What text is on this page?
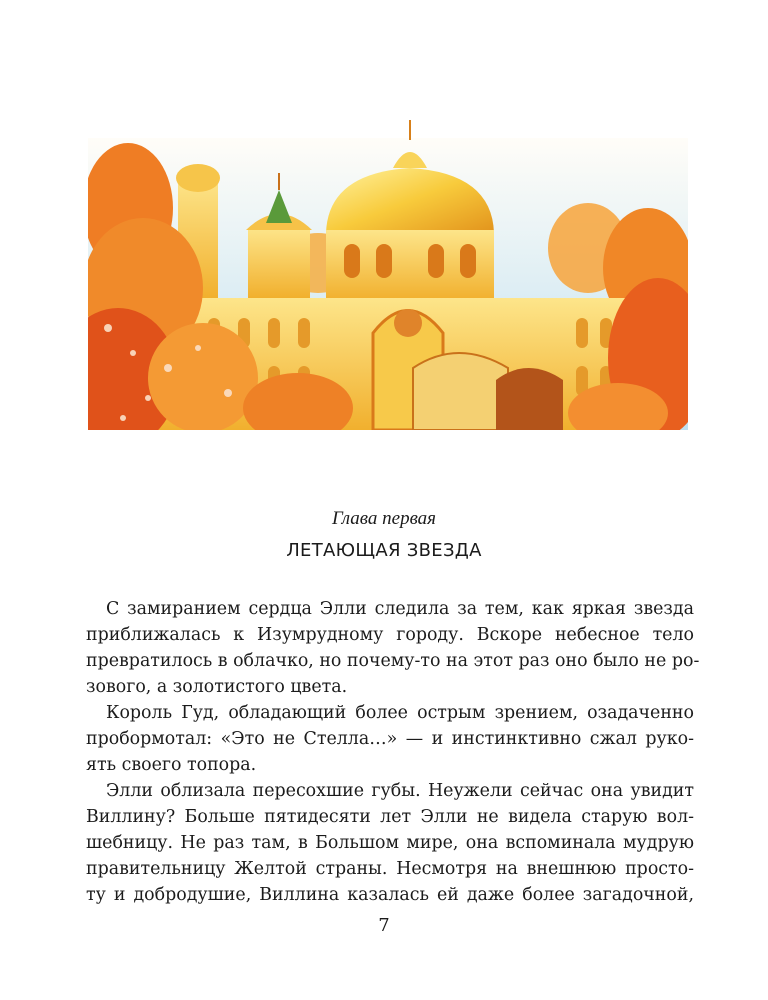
Глава первая
ЛЕТАЮЩАЯ ЗВЕЗДА

С замиранием сердца Элли следила за тем, как яркая звезда
приближалась к Изумрудному городу. Вскоре небесное тело
превратилось в облачко, но почему-то на этот раз оно было не ро-
зового, а золотистого цвета.

Король Гуд, обладающий более острым зрением, озадаченно
пробормотал: «Это не Стелла…» — и инстинктивно сжал руко-
ять своего топора.

Элли облизала пересохшие губы. Неужели сейчас она увидит
Виллину? Больше пятидесяти лет Элли не видела старую вол-
шебницу. Не раз там, в Большом мире, она вспоминала мудрую
правительницу Желтой страны. Несмотря на внешнюю просто-
ту и добродушие, Виллина казалась ей даже более загадочной,

7
